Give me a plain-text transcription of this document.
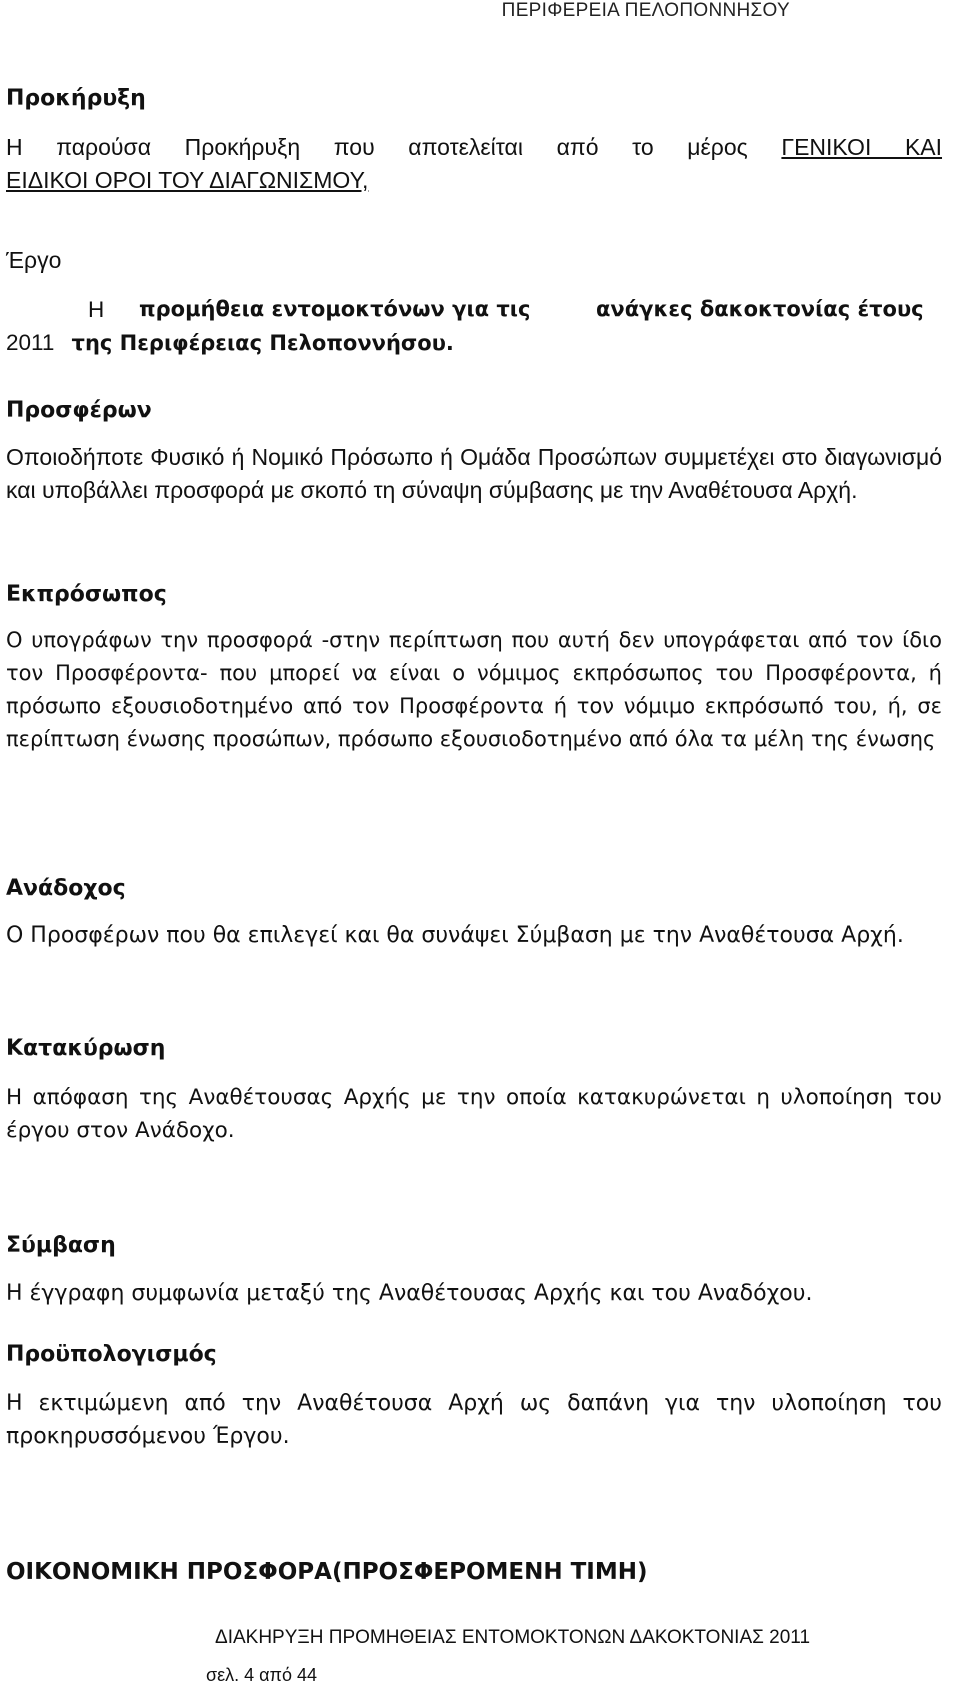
ΠΕΡΙΦΕΡΕΙΑ ΠΕΛΟΠΟΝΝΗΣΟΥ
Προκήρυξη
Η παρούσα Προκήρυξη που αποτελείται από το μέρος ΓΕΝΙΚΟΙ ΚΑΙ
ΕΙΔΙΚΟΙ ΟΡΟΙ ΤΟΥ ΔΙΑΓΩΝΙΣΜΟΥ,
Έργο
Η προμήθεια εντομοκτόνων για τις	ανάγκες δακοκτονίας έτους
2011 της Περιφέρειας Πελοποννήσου.
Προσφέρων
Οποιοδήποτε Φυσικό ή Νομικό Πρόσωπο ή Ομάδα Προσώπων συμμετέχει στο διαγωνισμό και υποβάλλει προσφορά με σκοπό τη σύναψη σύμβασης με την Αναθέτουσα Αρχή.
Εκπρόσωπος
Ο υπογράφων την προσφορά -στην περίπτωση που αυτή δεν υπογράφεται από τον ίδιο τον Προσφέροντα- που μπορεί να είναι ο νόμιμος εκπρόσωπος του Προσφέροντα, ή πρόσωπο εξουσιοδοτημένο από τον Προσφέροντα ή τον νόμιμο εκπρόσωπό του, ή, σε περίπτωση ένωσης προσώπων, πρόσωπο εξουσιοδοτημένο από όλα τα μέλη της ένωσης
Ανάδοχος
Ο Προσφέρων που θα επιλεγεί και θα συνάψει Σύμβαση με την Αναθέτουσα Αρχή.
Κατακύρωση
Η απόφαση της Αναθέτουσας Αρχής με την οποία κατακυρώνεται η υλοποίηση του έργου στον Ανάδοχο.
Σύμβαση
Η έγγραφη συμφωνία μεταξύ της Αναθέτουσας Αρχής και του Αναδόχου.
Προϋπολογισμός
Η εκτιμώμενη από την Αναθέτουσα Αρχή ως δαπάνη για την υλοποίηση του προκηρυσσόμενου Έργου.
ΟΙΚΟΝΟΜΙΚΗ ΠΡΟΣΦΟΡΑ(ΠΡΟΣΦΕΡΟΜΕΝΗ ΤΙΜΗ)
ΔΙΑΚΗΡΥΞΗ ΠΡΟΜΗΘΕΙΑΣ ΕΝΤΟΜΟΚΤΟΝΩΝ ΔΑΚΟΚΤΟΝΙΑΣ 2011
σελ. 4 από 44
